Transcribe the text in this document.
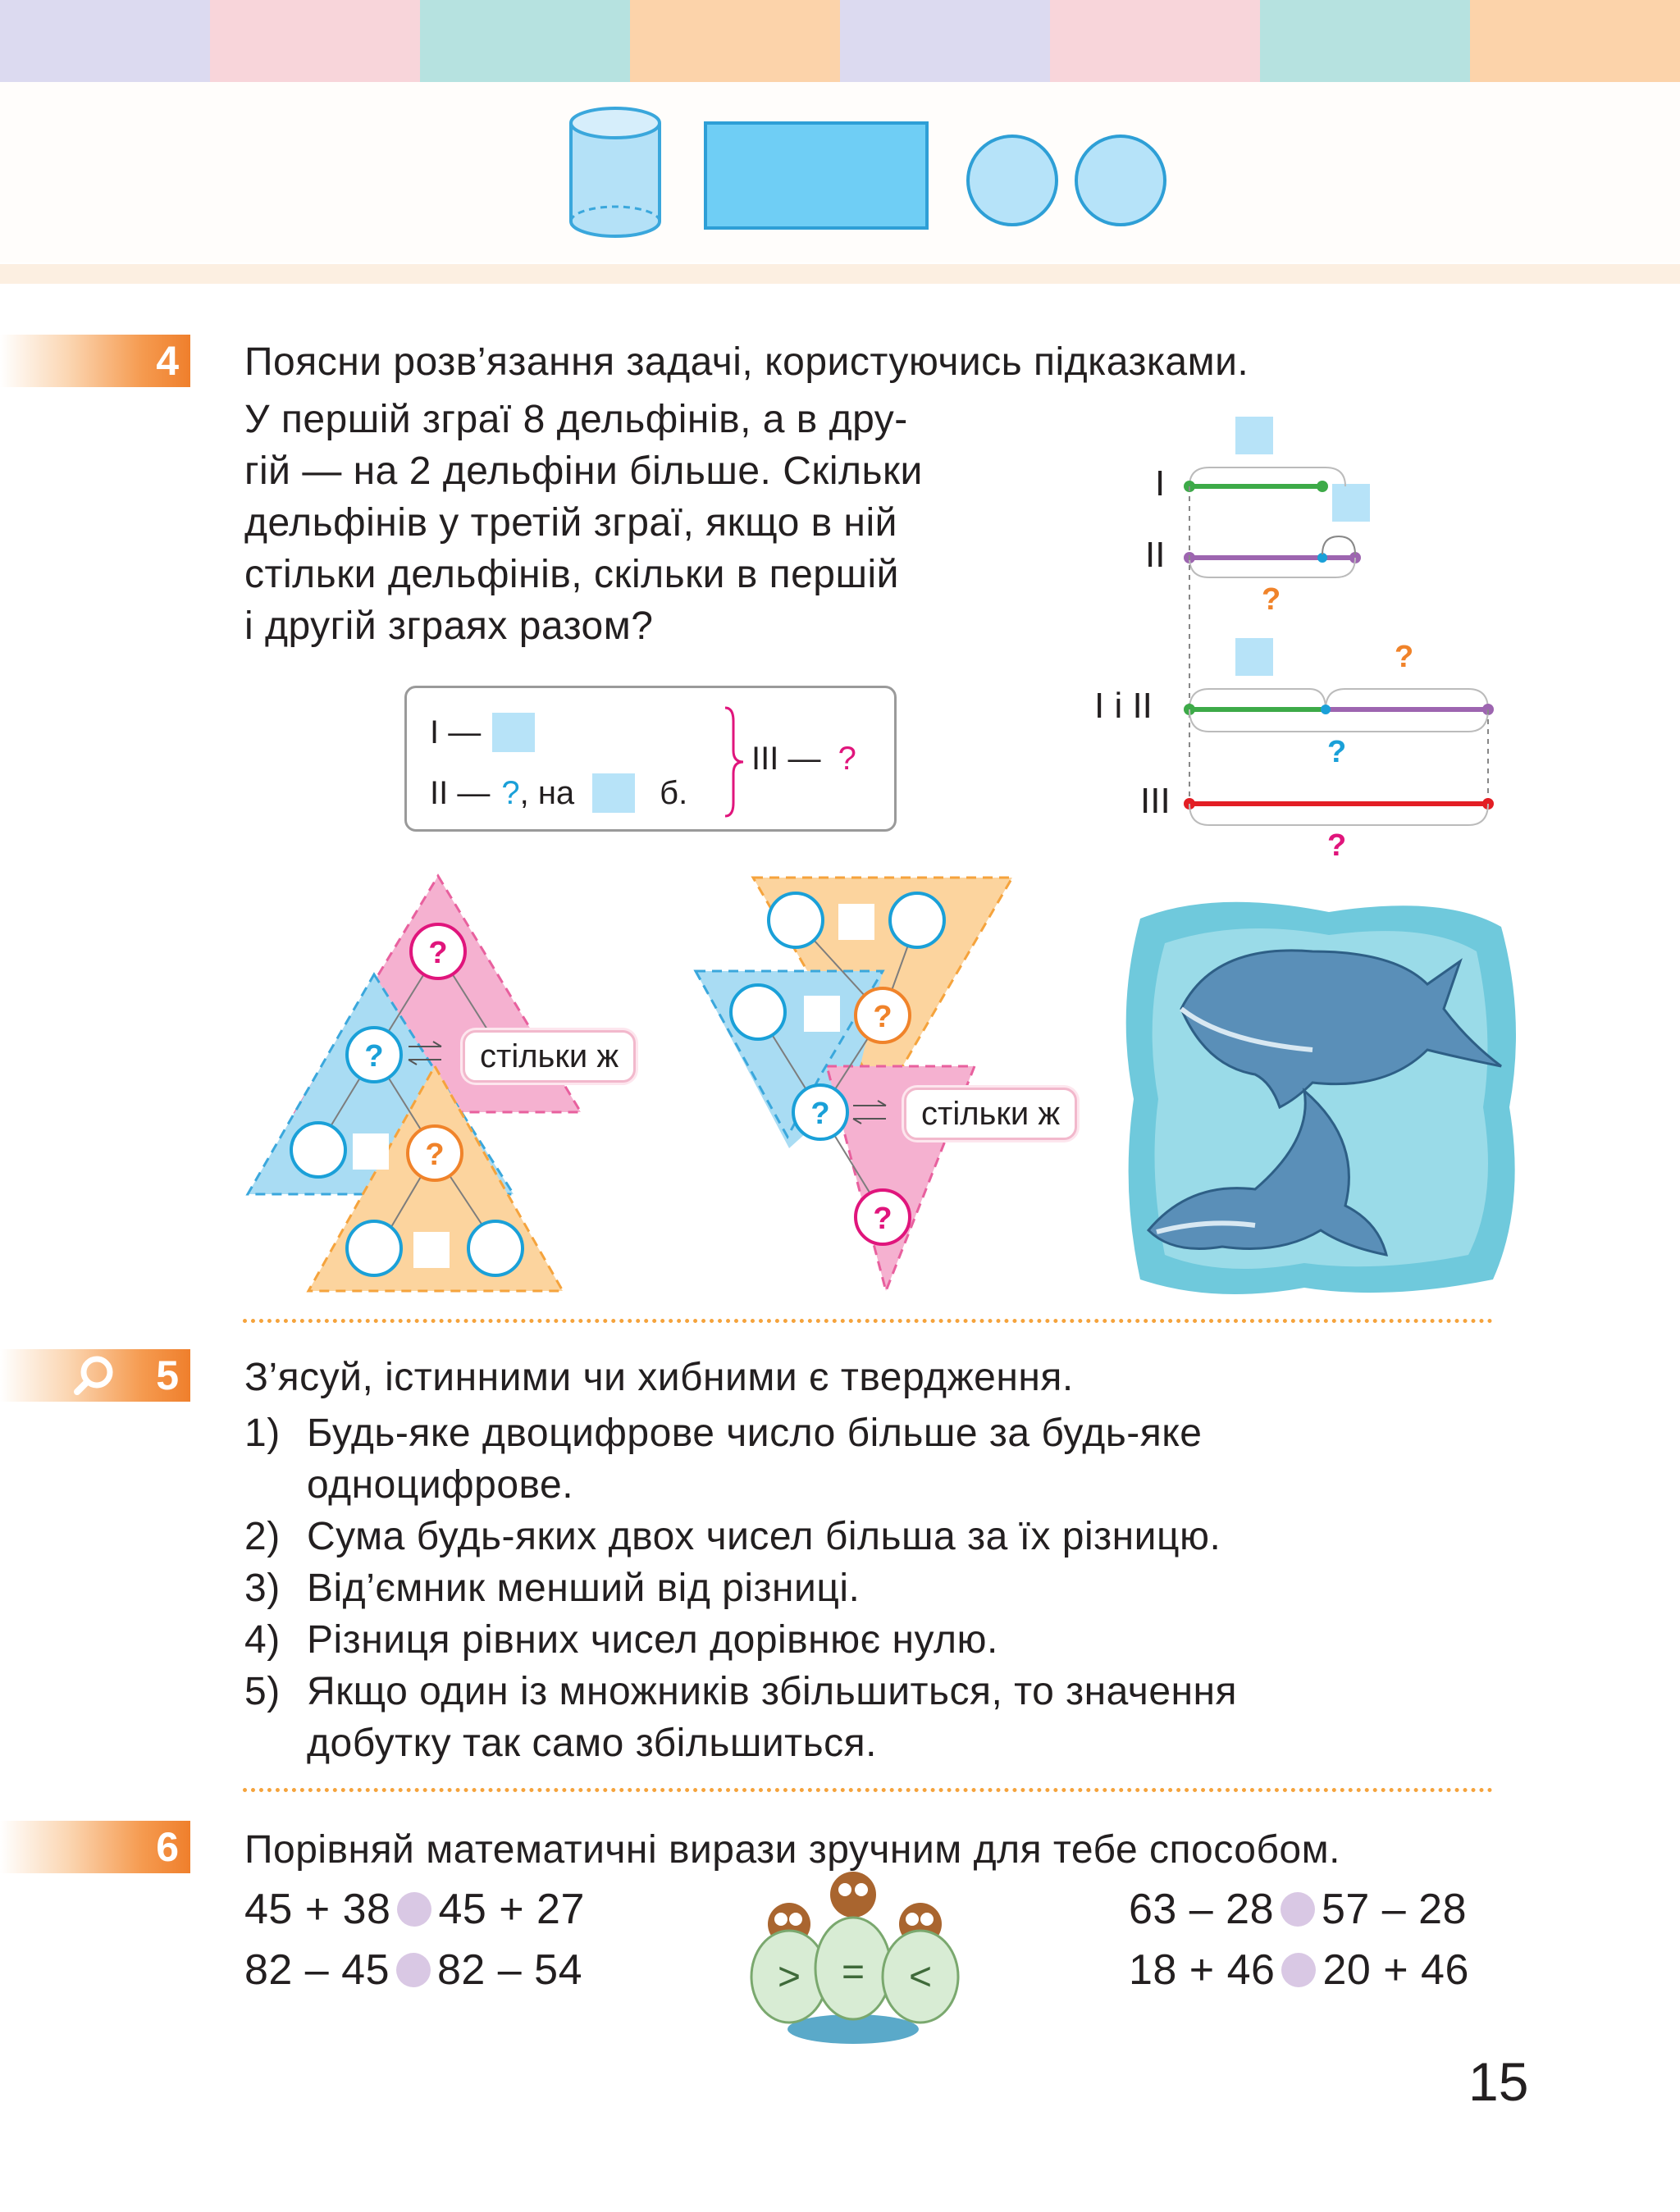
4 Поясни розв’язання задачі, користуючись підказками.
У першій зграї 8 дельфінів, а в дру-
гій — на 2 дельфіни більше. Скільки
дельфінів у третій зграї, якщо в ній
стільки дельфінів, скільки в першій
і другій зграях разом?
I —
II — ? , на	б.
III — ?
I
II
?
?
I і II
?
III
?
?
?
?
стільки ж
?
?
?
стільки ж
5 З’ясуй, істинними чи хибними є твердження.
1) Будь-яке двоцифрове число більше за будь-яке
одноцифрове.
2) Сума будь-яких двох чисел більша за їх різницю.
3) Від’ємник менший від різниці.
4) Різниця рівних чисел дорівнює нулю.
5) Якщо один із множників збільшиться, то значення
добутку так само збільшиться.
6 Порівняй математичні вирази зручним для тебе способом.
45 + 38 45 + 27
82 – 45 82 – 54
63 – 28 57 – 28
18 + 46 20 + 46
> = <
15
